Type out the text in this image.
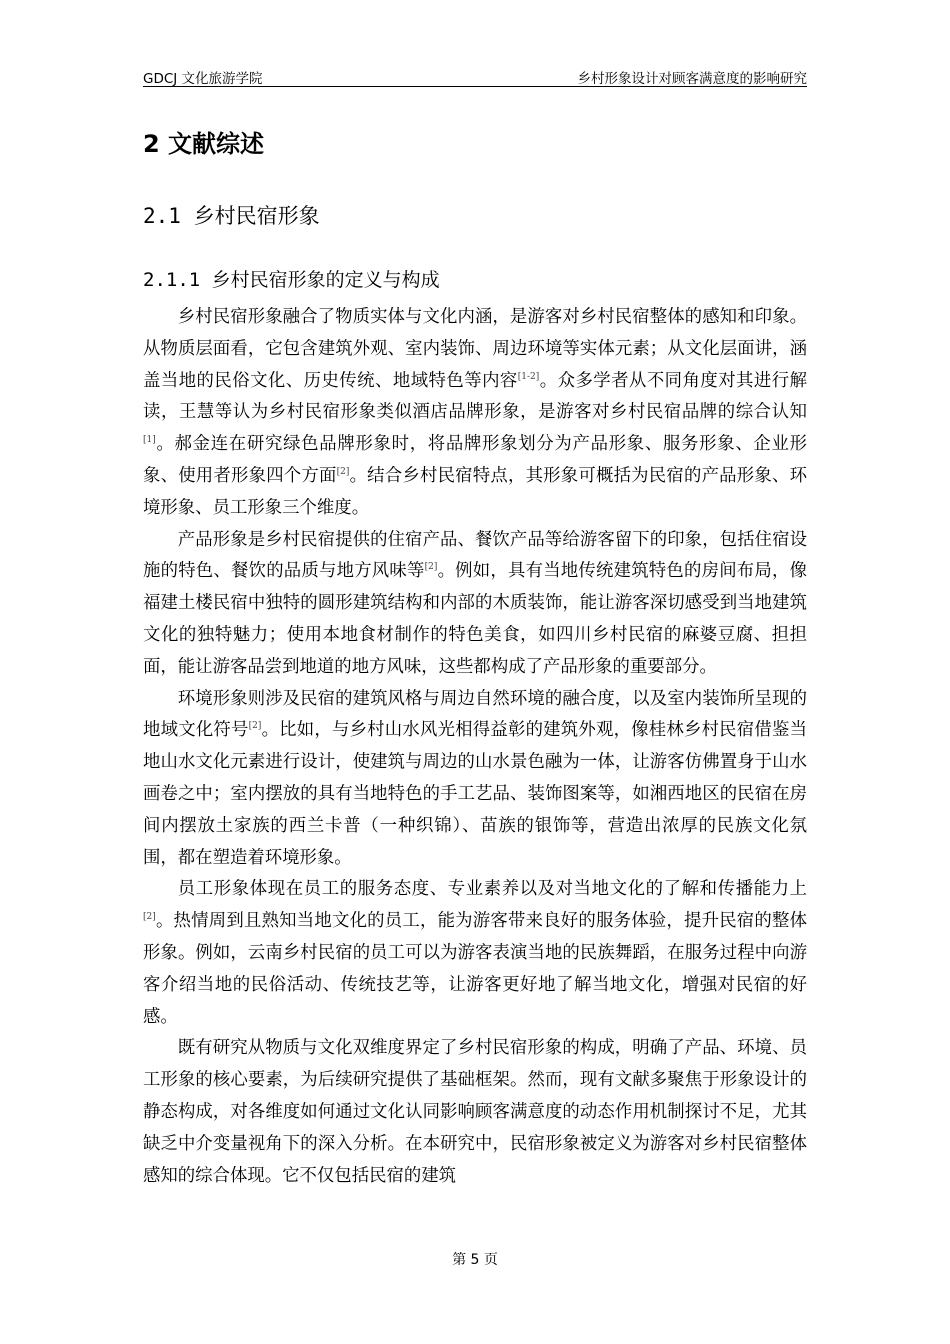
GDCJ 文化旅游学院	乡村形象设计对顾客满意度的影响研究
2 文献综述
2.1 乡村民宿形象
2.1.1 乡村民宿形象的定义与构成

乡村民宿形象融合了物质实体与文化内涵，是游客对乡村民宿整体的感知和印象。从物质层面看，它包含建筑外观、室内装饰、周边环境等实体元素；从文化层面讲，涵盖当地的民俗文化、历史传统、地域特色等内容[1-2]。众多学者从不同角度对其进行解读，王慧等认为乡村民宿形象类似酒店品牌形象，是游客对乡村民宿品牌的综合认知[1]。郝金连在研究绿色品牌形象时，将品牌形象划分为产品形象、服务形象、企业形象、使用者形象四个方面[2]。结合乡村民宿特点，其形象可概括为民宿的产品形象、环境形象、员工形象三个维度。

产品形象是乡村民宿提供的住宿产品、餐饮产品等给游客留下的印象，包括住宿设施的特色、餐饮的品质与地方风味等[2]。例如，具有当地传统建筑特色的房间布局，像福建土楼民宿中独特的圆形建筑结构和内部的木质装饰，能让游客深切感受到当地建筑文化的独特魅力；使用本地食材制作的特色美食，如四川乡村民宿的麻婆豆腐、担担面，能让游客品尝到地道的地方风味，这些都构成了产品形象的重要部分。

环境形象则涉及民宿的建筑风格与周边自然环境的融合度，以及室内装饰所呈现的地域文化符号[2]。比如，与乡村山水风光相得益彰的建筑外观，像桂林乡村民宿借鉴当地山水文化元素进行设计，使建筑与周边的山水景色融为一体，让游客仿佛置身于山水画卷之中；室内摆放的具有当地特色的手工艺品、装饰图案等，如湘西地区的民宿在房间内摆放土家族的西兰卡普（一种织锦）、苗族的银饰等，营造出浓厚的民族文化氛围，都在塑造着环境形象。

员工形象体现在员工的服务态度、专业素养以及对当地文化的了解和传播能力上[2]。热情周到且熟知当地文化的员工，能为游客带来良好的服务体验，提升民宿的整体形象。例如，云南乡村民宿的员工可以为游客表演当地的民族舞蹈，在服务过程中向游客介绍当地的民俗活动、传统技艺等，让游客更好地了解当地文化，增强对民宿的好感。

既有研究从物质与文化双维度界定了乡村民宿形象的构成，明确了产品、环境、员工形象的核心要素，为后续研究提供了基础框架。然而，现有文献多聚焦于形象设计的静态构成，对各维度如何通过文化认同影响顾客满意度的动态作用机制探讨不足，尤其缺乏中介变量视角下的深入分析。在本研究中，民宿形象被定义为游客对乡村民宿整体感知的综合体现。它不仅包括民宿的建筑

第 5 页
